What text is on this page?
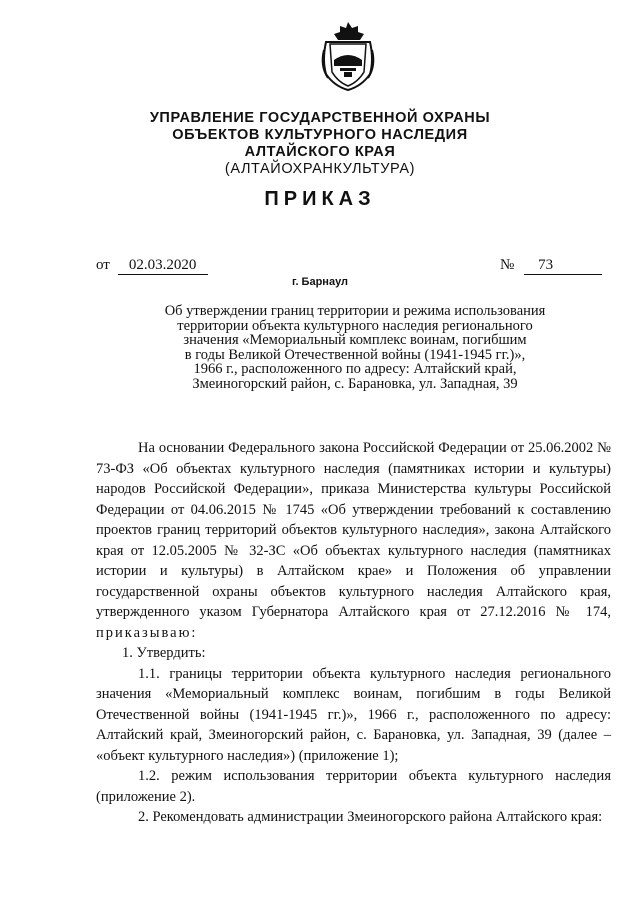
УПРАВЛЕНИЕ ГОСУДАРСТВЕННОЙ ОХРАНЫ
ОБЪЕКТОВ КУЛЬТУРНОГО НАСЛЕДИЯ
АЛТАЙСКОГО КРАЯ
(АЛТАЙОХРАНКУЛЬТУРА)
ПРИКАЗ
от 02.03.2020	№ 73
г. Барнаул
Об утверждении границ территории и режима использования
территории объекта культурного наследия регионального
значения «Мемориальный комплекс воинам, погибшим
в годы Великой Отечественной войны (1941-1945 гг.)»,
1966 г., расположенного по адресу: Алтайский край,
Змеиногорский район, с. Барановка, ул. Западная, 39
На основании Федерального закона Российской Федерации от 25.06.2002 № 73-ФЗ «Об объектах культурного наследия (памятниках истории и культуры) народов Российской Федерации», приказа Министерства культуры Российской Федерации от 04.06.2015 № 1745 «Об утверждении требований к составлению проектов границ территорий объектов культурного наследия», закона Алтайского края от 12.05.2005 № 32-ЗС «Об объектах культурного наследия (памятниках истории и культуры) в Алтайском крае» и Положения об управлении государственной охраны объектов культурного наследия Алтайского края, утвержденного указом Губернатора Алтайского края от 27.12.2016 № 174, приказываю:
1. Утвердить:
1.1. границы территории объекта культурного наследия регионального значения «Мемориальный комплекс воинам, погибшим в годы Великой Отечественной войны (1941-1945 гг.)», 1966 г., расположенного по адресу: Алтайский край, Змеиногорский район, с. Барановка, ул. Западная, 39 (далее – «объект культурного наследия») (приложение 1);
1.2. режим использования территории объекта культурного наследия (приложение 2).
2. Рекомендовать администрации Змеиногорского района Алтайского края:
